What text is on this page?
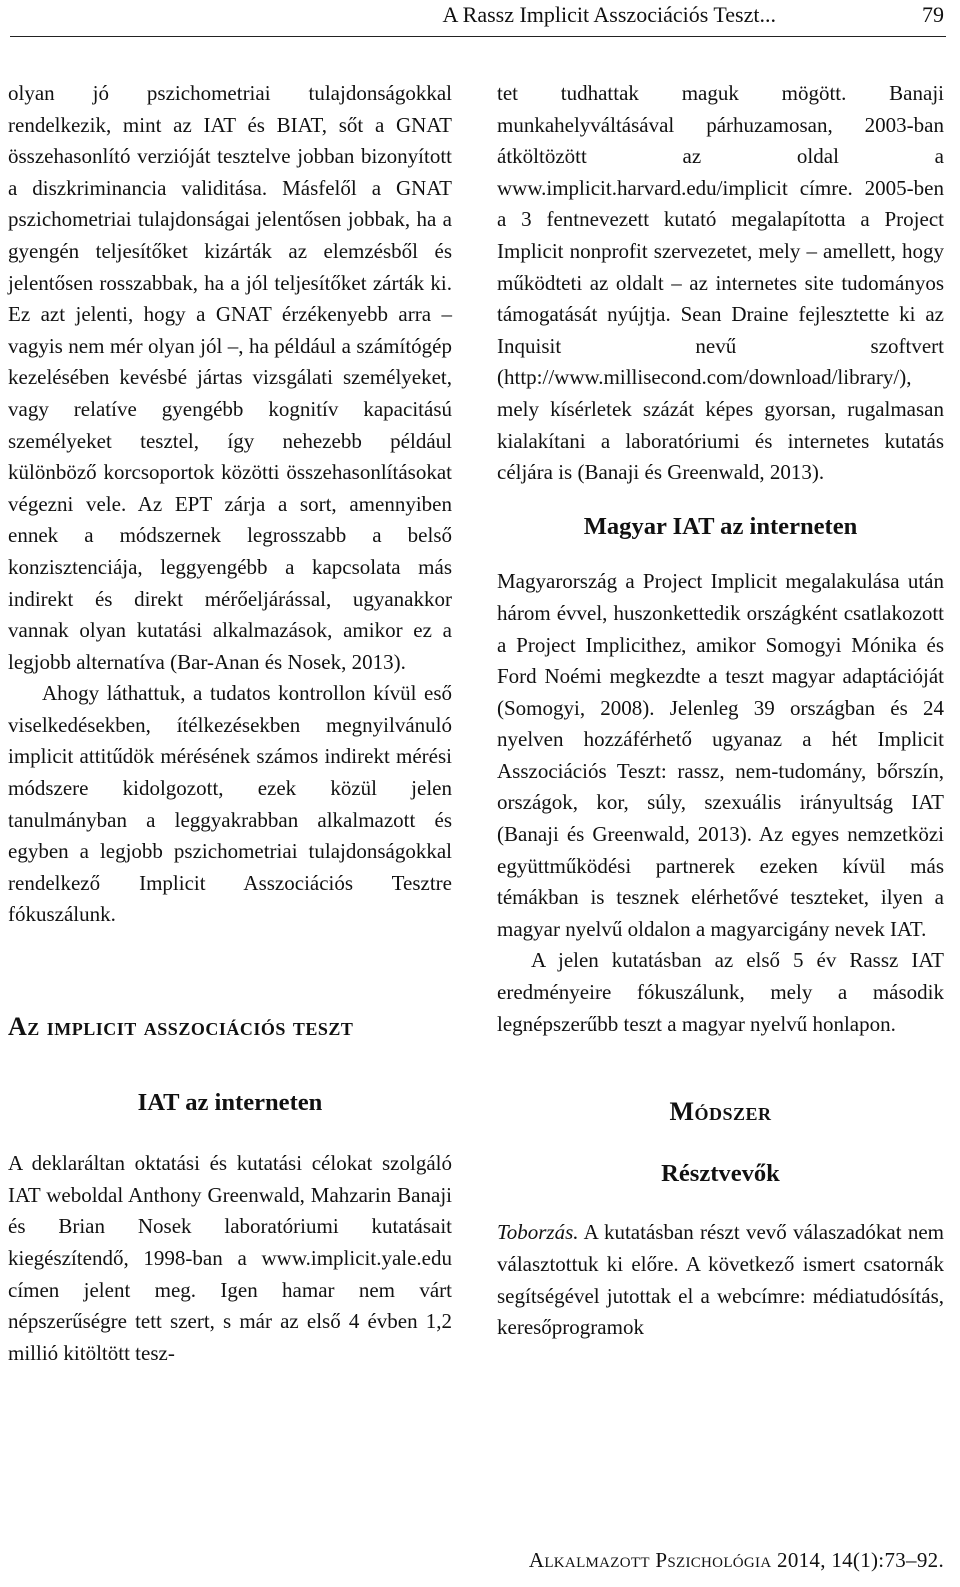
A Rassz Implicit Asszociációs Teszt...	79

olyan jó pszichometriai tulajdonságokkal rendelkezik, mint az IAT és BIAT, sőt a GNAT összehasonlító verzióját tesztelve jobban bizonyított a diszkriminancia validitása. Másfelől a GNAT pszichometriai tulajdonságai jelentősen jobbak, ha a gyengén teljesítőket kizárták az elemzésből és jelentősen rosszabbak, ha a jól teljesítőket zárták ki. Ez azt jelenti, hogy a GNAT érzékenyebb arra – vagyis nem mér olyan jól –, ha például a számítógép kezelésében kevésbé jártas vizsgálati személyeket, vagy relatíve gyengébb kognitív kapacitású személyeket tesztel, így nehezebb például különböző korcsoportok közötti összehasonlításokat végezni vele. Az EPT zárja a sort, amennyiben ennek a módszernek legrosszabb a belső konzisztenciája, leggyengébb a kapcsolata más indirekt és direkt mérőeljárással, ugyanakkor vannak olyan kutatási alkalmazások, amikor ez a legjobb alternatíva (Bar-Anan és Nosek, 2013).

Ahogy láthattuk, a tudatos kontrollon kívül eső viselkedésekben, ítélkezésekben megnyilvánuló implicit attitűdök mérésének számos indirekt mérési módszere kidolgozott, ezek közül jelen tanulmányban a leggyakrabban alkalmazott és egyben a legjobb pszichometriai tulajdonságokkal rendelkező Implicit Asszociációs Tesztre fókuszálunk.

Az implicit asszociációs teszt
IAT az interneten

A deklaráltan oktatási és kutatási célokat szolgáló IAT weboldal Anthony Greenwald, Mahzarin Banaji és Brian Nosek laboratóriumi kutatásait kiegészítendő, 1998-ban a www.implicit.yale.edu címen jelent meg. Igen hamar nem várt népszerűségre tett szert, s már az első 4 évben 1,2 millió kitöltött tesz-

tet tudhattak maguk mögött. Banaji munkahelyváltásával párhuzamosan, 2003-ban átköltözött az oldal a www.implicit.harvard.edu/implicit címre. 2005-ben a 3 fentnevezett kutató megalapította a Project Implicit nonprofit szervezetet, mely – amellett, hogy működteti az oldalt – az internetes site tudományos támogatását nyújtja. Sean Draine fejlesztette ki az Inquisit nevű szoftvert (http://www.millisecond.com/download/library/), mely kísérletek százát képes gyorsan, rugalmasan kialakítani a laboratóriumi és internetes kutatás céljára is (Banaji és Greenwald, 2013).

Magyar IAT az interneten

Magyarország a Project Implicit megalakulása után három évvel, huszonkettedik országként csatlakozott a Project Implicithez, amikor Somogyi Mónika és Ford Noémi megkezdte a teszt magyar adaptációját (Somogyi, 2008). Jelenleg 39 országban és 24 nyelven hozzáférhető ugyanaz a hét Implicit Asszociációs Teszt: rassz, nem-tudomány, bőrszín, országok, kor, súly, szexuális irányultság IAT (Banaji és Greenwald, 2013). Az egyes nemzetközi együttműködési partnerek ezeken kívül más témákban is tesznek elérhetővé teszteket, ilyen a magyar nyelvű oldalon a magyarcigány nevek IAT.

A jelen kutatásban az első 5 év Rassz IAT eredményeire fókuszálunk, mely a második legnépszerűbb teszt a magyar nyelvű honlapon.

Módszer
Résztvevők

Toborzás. A kutatásban részt vevő válaszadókat nem választottuk ki előre. A következő ismert csatornák segítségével jutottak el a webcímre: médiatudósítás, keresőprogramok

Alkalmazott Pszichológia 2014, 14(1):73–92.
